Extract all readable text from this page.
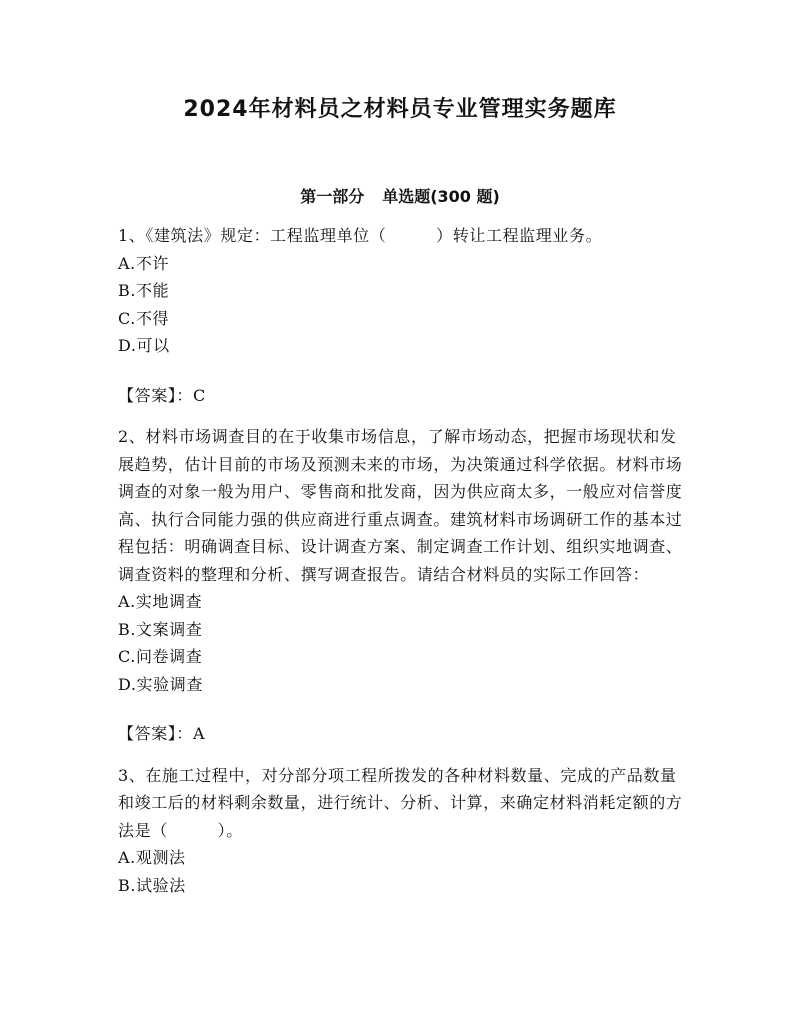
2024年材料员之材料员专业管理实务题库
第一部分 单选题(300 题)

1、《建筑法》规定：工程监理单位（　　　）转让工程监理业务。

A.不许

B.不能

C.不得

D.可以

【答案】：C

2、材料市场调查目的在于收集市场信息，了解市场动态，把握市场现状和发展趋势，估计目前的市场及预测未来的市场，为决策通过科学依据。材料市场调查的对象一般为用户、零售商和批发商，因为供应商太多，一般应对信誉度高、执行合同能力强的供应商进行重点调查。建筑材料市场调研工作的基本过程包括：明确调查目标、设计调查方案、制定调查工作计划、组织实地调查、调查资料的整理和分析、撰写调查报告。请结合材料员的实际工作回答：

A.实地调查

B.文案调查

C.问卷调查

D.实验调查

【答案】：A

3、在施工过程中，对分部分项工程所拨发的各种材料数量、完成的产品数量和竣工后的材料剩余数量，进行统计、分析、计算，来确定材料消耗定额的方法是（　　　）。

A.观测法

B.试验法
